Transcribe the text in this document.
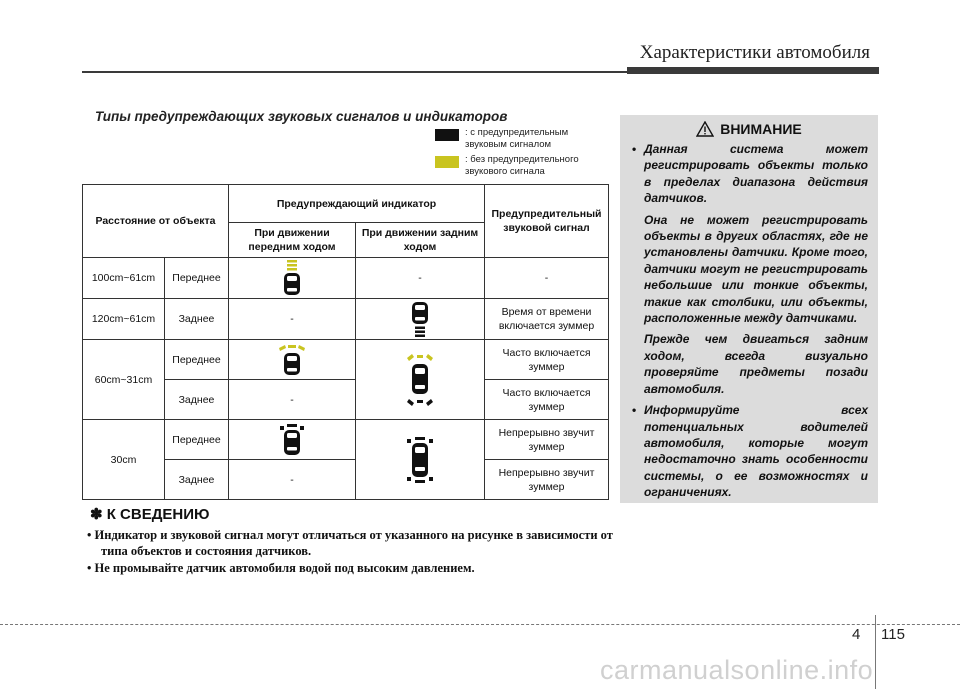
Характеристики автомобиля
Типы предупреждающих звуковых сигналов и индикаторов
: с предупредительным звуковым сигналом
: без предупредительного звукового сигнала
Расстояние от объекта		Предупреждающий индикатор		Предупредительный звуковой сигнал
		При движении передним ходом	При движении задним ходом	
100cm~61cm	Переднее		-	-
120cm~61cm	Заднее	-		Время от времени включается зуммер
60cm~31cm	Переднее			Часто включается зуммер
	Заднее	-		Часто включается зуммер
30cm	Переднее			Непрерывно звучит зуммер
	Заднее	-		Непрерывно звучит зуммер
✽ К СВЕДЕНИЮ
• Индикатор и звуковой сигнал могут отличаться от указанного на рисунке в зависимости от типа объектов и состояния датчиков.
• Не промывайте датчик автомобиля водой под высоким давлением.
ВНИМАНИЕ

• Данная система может регистрировать объекты только в пределах диапазона действия датчиков.

Она не может регистрировать объекты в других областях, где не установлены датчики. Кроме того, датчики могут не регистрировать небольшие или тонкие объекты, такие как столбики, или объекты, расположенные между датчиками.

Прежде чем двигаться задним ходом, всегда визуально проверяйте предметы позади автомобиля.

• Информируйте всех потенциальных водителей автомобиля, которые могут недостаточно знать особенности системы, о ее возможностях и ограничениях.

4 115
carmanualsonline.info
